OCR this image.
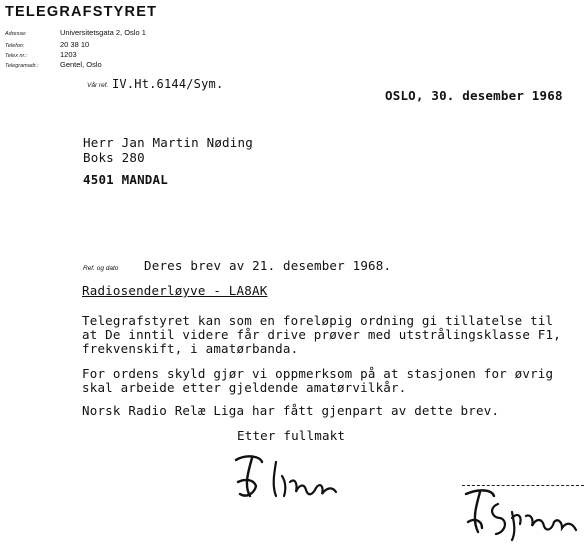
TELEGRAFSTYRET
Adresse:	Universitetsgata 2, Oslo 1
Telefon:	20 38 10
Telex nr.:	1203
Telegramadr.:	Gentel, Oslo
Vår ref. IV.Ht.6144/Sym.
OSLO, 30. desember 1968
Herr Jan Martin Nøding
Boks 280
4501 MANDAL
Ref. og dato Deres brev av 21. desember 1968.
Radiosenderløyve - LA8AK
Telegrafstyret kan som en foreløpig ordning gi tillatelse til
at De inntil videre får drive prøver med utstrålingsklasse F1,
frekvenskift, i amatørbanda.
For ordens skyld gjør vi oppmerksom på at stasjonen for øvrig
skal arbeide etter gjeldende amatørvilkår.
Norsk Radio Relæ Liga har fått gjenpart av dette brev.
Etter fullmakt
